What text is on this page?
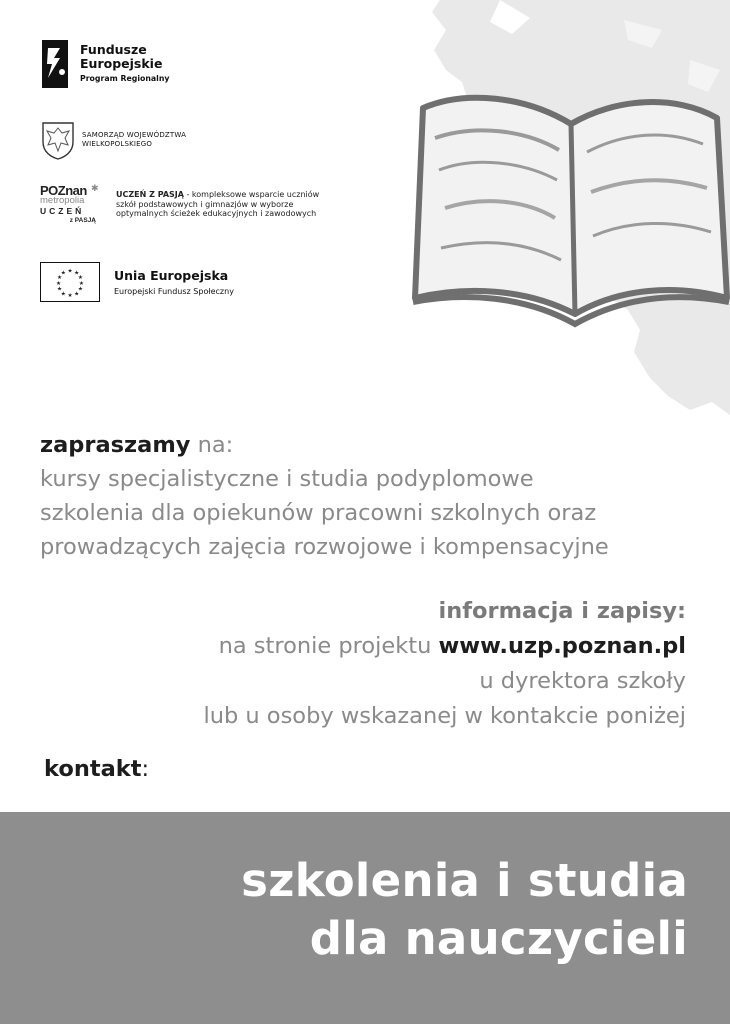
Fundusze
Europejskie
Program Regionalny
SAMORZĄD WOJEWÓDZTWA
WIELKOPOLSKIEGO
✱
POZnan
metropolia
UCZEŃ
z PASJĄ
UCZEŃ Z PASJĄ - kompleksowe wsparcie uczniów szkół podstawowych i gimnazjów w wyborze optymalnych ścieżek edukacyjnych i zawodowych
★ ★
★
★
★
★
★
★
★
★
★
★	Unia Europejska
Europejski Fundusz Społeczny
zapraszamy na:
kursy specjalistyczne i studia podyplomowe
szkolenia dla opiekunów pracowni szkolnych oraz
prowadzących zajęcia rozwojowe i kompensacyjne
informacja i zapisy:
na stronie projektu www.uzp.poznan.pl
u dyrektora szkoły
lub u osoby wskazanej w kontakcie poniżej
kontakt:
szkolenia i studia
dla nauczycieli
